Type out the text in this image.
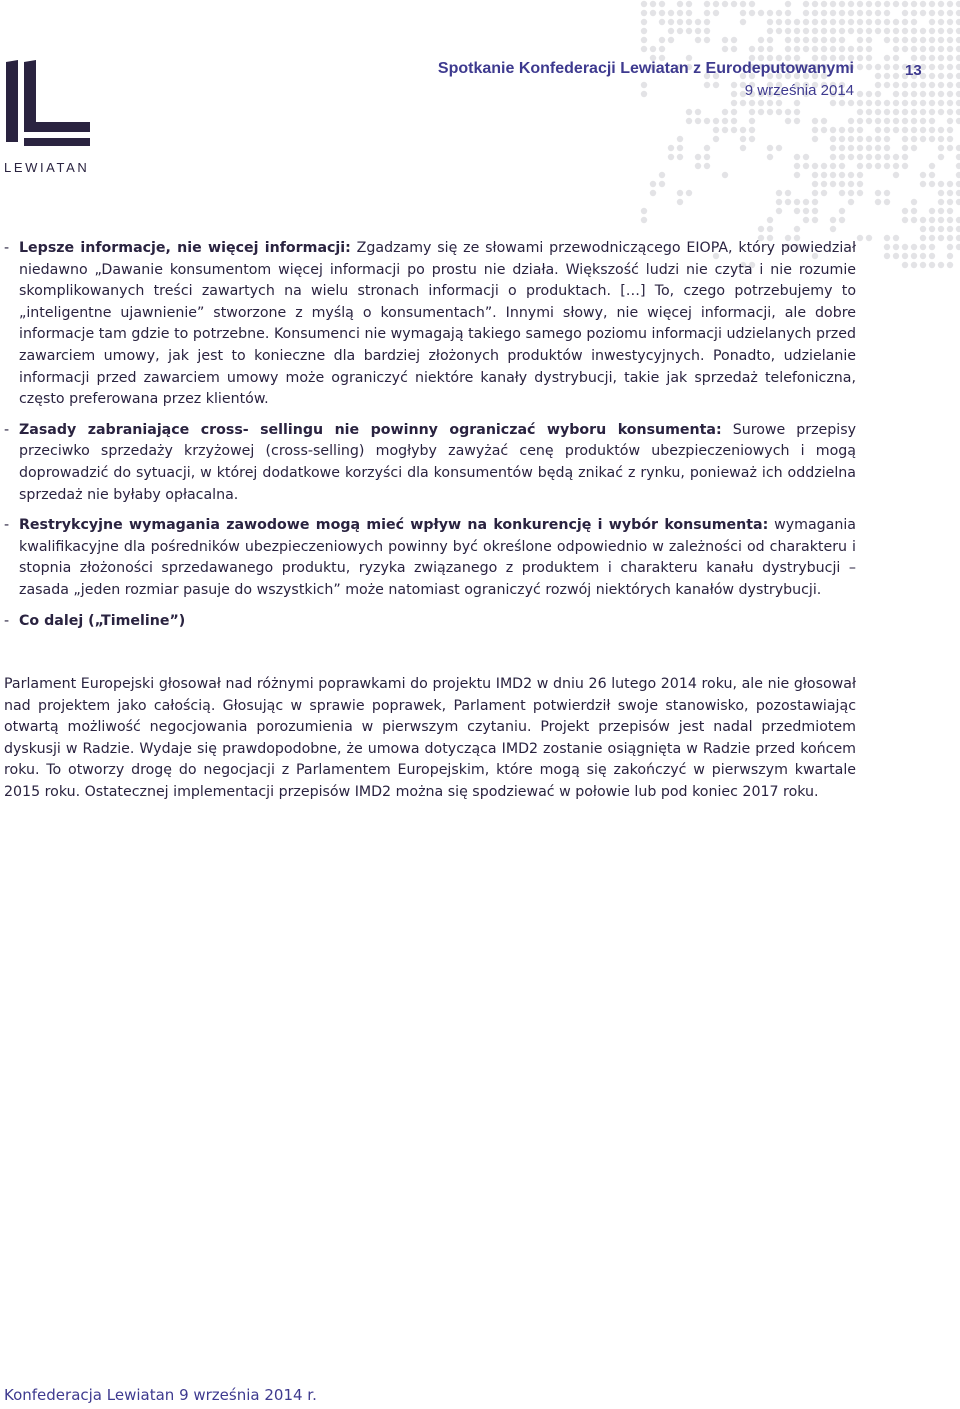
LEWIATAN
Spotkanie Konfederacji Lewiatan z Eurodeputowanymi
9 września 2014
13
- Lepsze informacje, nie więcej informacji: Zgadzamy się ze słowami przewodniczącego EIOPA, który powiedział niedawno „Dawanie konsumentom więcej informacji po prostu nie działa. Większość ludzi nie czyta i nie rozumie skomplikowanych treści zawartych na wielu stronach informacji o produktach. […] To, czego potrzebujemy to „inteligentne ujawnienie” stworzone z myślą o konsumentach”. Innymi słowy, nie więcej informacji, ale dobre informacje tam gdzie to potrzebne. Konsumenci nie wymagają takiego samego poziomu informacji udzielanych przed zawarciem umowy, jak jest to konieczne dla bardziej złożonych produktów inwestycyjnych. Ponadto, udzielanie informacji przed zawarciem umowy może ograniczyć niektóre kanały dystrybucji, takie jak sprzedaż telefoniczna, często preferowana przez klientów.

- Zasady zabraniające cross- sellingu nie powinny ograniczać wyboru konsumenta: Surowe przepisy przeciwko sprzedaży krzyżowej (cross-selling) mogłyby zawyżać cenę produktów ubezpieczeniowych i mogą doprowadzić do sytuacji, w której dodatkowe korzyści dla konsumentów będą znikać z rynku, ponieważ ich oddzielna sprzedaż nie byłaby opłacalna.

- Restrykcyjne wymagania zawodowe mogą mieć wpływ na konkurencję i wybór konsumenta: wymagania kwalifikacyjne dla pośredników ubezpieczeniowych powinny być określone odpowiednio w zależności od charakteru i stopnia złożoności sprzedawanego produktu, ryzyka związanego z produktem i charakteru kanału dystrybucji – zasada „jeden rozmiar pasuje do wszystkich” może natomiast ograniczyć rozwój niektórych kanałów dystrybucji.

- Co dalej („Timeline”)

Parlament Europejski głosował nad różnymi poprawkami do projektu IMD2 w dniu 26 lutego 2014 roku, ale nie głosował nad projektem jako całością. Głosując w sprawie poprawek, Parlament potwierdził swoje stanowisko, pozostawiając otwartą możliwość negocjowania porozumienia w pierwszym czytaniu. Projekt przepisów jest nadal przedmiotem dyskusji w Radzie. Wydaje się prawdopodobne, że umowa dotycząca IMD2 zostanie osiągnięta w Radzie przed końcem roku. To otworzy drogę do negocjacji z Parlamentem Europejskim, które mogą się zakończyć w pierwszym kwartale 2015 roku. Ostatecznej implementacji przepisów IMD2 można się spodziewać w połowie lub pod koniec 2017 roku.

Konfederacja Lewiatan 9 września 2014 r.
